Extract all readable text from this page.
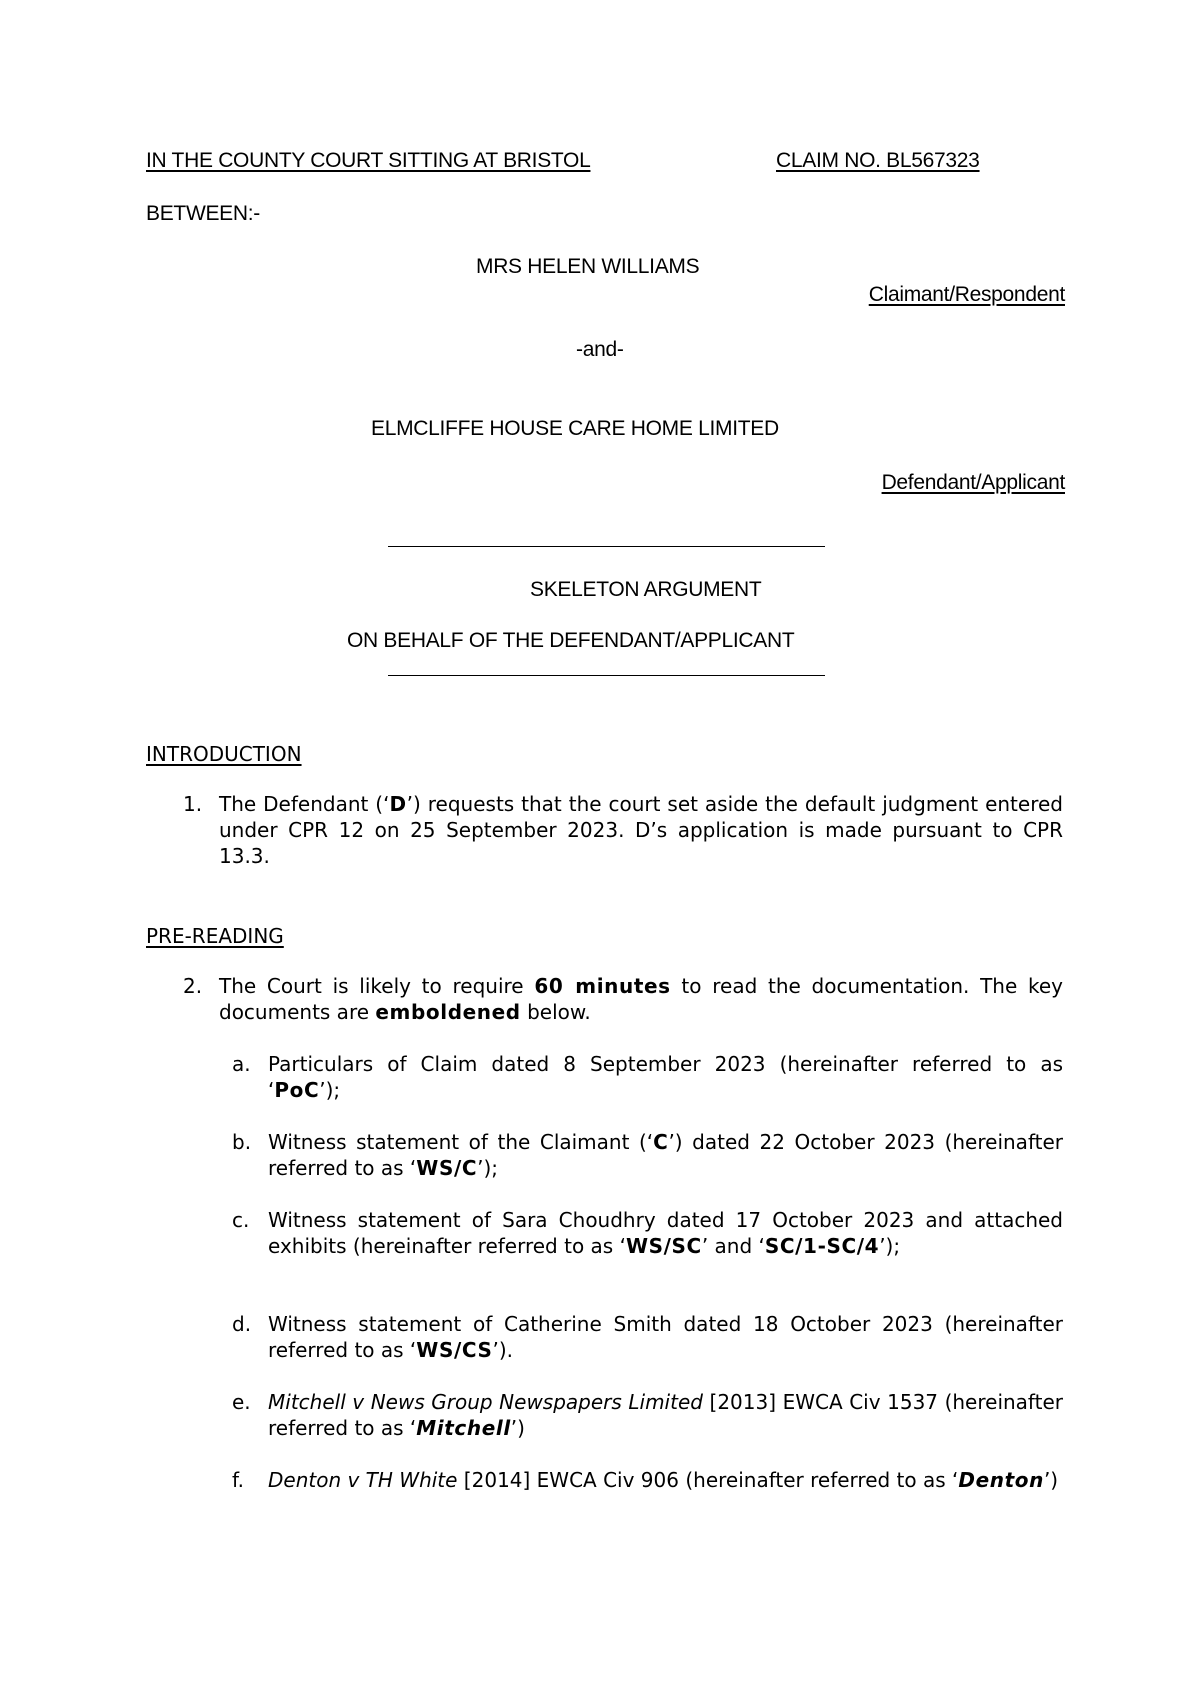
IN THE COUNTY COURT SITTING AT BRISTOL	CLAIM NO. BL567323
BETWEEN:-
MRS HELEN WILLIAMS
Claimant/Respondent
-and-
ELMCLIFFE HOUSE CARE HOME LIMITED
Defendant/Applicant
SKELETON ARGUMENT
ON BEHALF OF THE DEFENDANT/APPLICANT
INTRODUCTION
1. The Defendant (‘D’) requests that the court set aside the default judgment entered under CPR 12 on 25 September 2023. D’s application is made pursuant to CPR 13.3.
PRE-READING
2. The Court is likely to require 60 minutes to read the documentation. The key documents are emboldened below.
a. Particulars of Claim dated 8 September 2023 (hereinafter referred to as ‘PoC’);
b. Witness statement of the Claimant (‘C’) dated 22 October 2023 (hereinafter referred to as ‘WS/C’);
c. Witness statement of Sara Choudhry dated 17 October 2023 and attached exhibits (hereinafter referred to as ‘WS/SC’ and ‘SC/1-SC/4’);
d. Witness statement of Catherine Smith dated 18 October 2023 (hereinafter referred to as ‘WS/CS’).
e. Mitchell v News Group Newspapers Limited [2013] EWCA Civ 1537 (hereinafter referred to as ‘Mitchell’)
f. Denton v TH White [2014] EWCA Civ 906 (hereinafter referred to as ‘Denton’)
